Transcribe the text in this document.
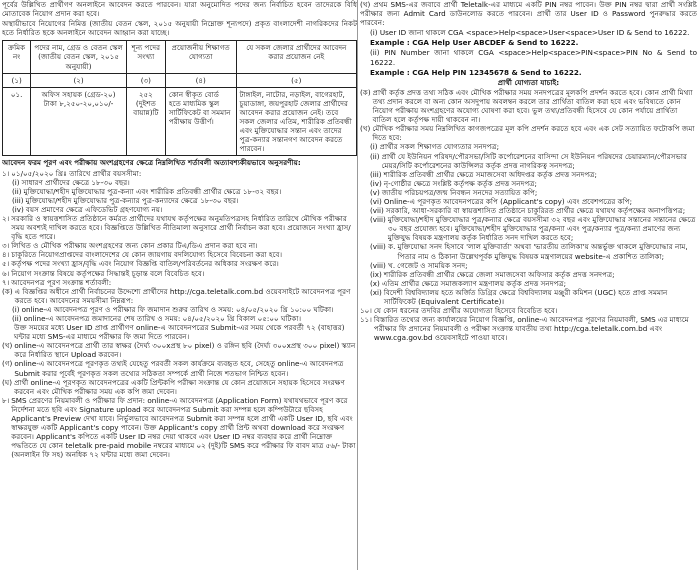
পূর্বের উল্লিখিত প্রার্থীগণ অনলাইনে আবেদন করতে পারবেন। যারা অনুমোদিত পদের জন্য নির্বাচিত হবেন তাদেরকে বিধি মোতাবেক নিয়োগ প্রদান করা হবে।

অস্থায়ীভাবে নিয়োগের নিমিত্ত (জাতীয় বেতন স্কেল, ২০১৫ অনুযায়ী নিম্নোক্ত শূন্যপদে) প্রকৃত বাংলাদেশী নাগরিকদের নিকট হতে নির্ধারিত ছকে অনলাইনে আবেদন আহ্বান করা যাচ্ছে।

ক্রমিক নং	পদের নাম, গ্রেড ও বেতন স্কেল (জাতীয় বেতন স্কেল, ২০১৫ অনুযায়ী)	শূন্য পদের সংখ্যা	প্রয়োজনীয় শিক্ষাগত যোগ্যতা	যে সকল জেলার প্রার্থীদের আবেদন করার প্রয়োজন নেই
(১)	(২)	(৩)	(৪)	(৫)
০১.	অফিস সহায়ক (গ্রেড-২০) টাকা ৮,২৫০-২০,০১০/-	২৫২ (দুইশত বায়ান্ন)টি	কোন স্বীকৃত বোর্ড হতে মাধ্যমিক স্কুল সার্টিফিকেট বা সমমান পরীক্ষায় উত্তীর্ণ।	টাঙ্গাইল, নাটোর, নড়াইল, বাগেরহাট, চুয়াডাঙ্গা, জয়পুরহাট জেলার প্রার্থীদের আবেদন করার প্রয়োজন নেই। তবে সকল জেলার এতিম, শারীরিক প্রতিবন্ধী এবং মুক্তিযোদ্ধার সন্তান এবং তাদের পুত্র-কন্যার সন্তানগণ আবেদন করতে পারবেন।

আবেদন ফরম পূরণ এবং পরীক্ষায় অংশগ্রহণের ক্ষেত্রে নিম্নলিখিত শর্তাবলী অত্যাবশ্যকীয়ভাবে অনুসরণীয়:

১। ০১/০৫/২০২০ খ্রিঃ তারিখে প্রার্থীর বয়সসীমা:
(i) সাধারণ প্রার্থীদের ক্ষেত্রে ১৮-৩০ বছর।
(ii) মুক্তিযোদ্ধা/শহীদ মুক্তিযোদ্ধার পুত্র-কন্যা এবং শারীরিক প্রতিবন্ধী প্রার্থীর ক্ষেত্রে ১৮-৩২ বছর।
(iii) মুক্তিযোদ্ধা/শহীদ মুক্তিযোদ্ধার পুত্র-কন্যার পুত্র-কন্যাদের ক্ষেত্রে ১৮-৩০ বছর।
(iv) বয়স প্রমাণের ক্ষেত্রে এফিডেভিট গ্রহণযোগ্য নয়।
২। সরকারি ও স্বায়ত্তশাসিত প্রতিষ্ঠানে কর্মরত প্রার্থীদের যথাযথ কর্তৃপক্ষের অনুমতিপত্রসহ নির্ধারিত তারিখে মৌখিক পরীক্ষার সময় অবশ্যই দাখিল করতে হবে। বিজ্ঞপ্তিতে উল্লিখিত নীতিমালা অনুসারে প্রার্থী নির্বাচন করা হবে। প্রয়োজনে সংখ্যা হ্রাস/বৃদ্ধি হতে পারে।
৩। লিখিত ও মৌখিক পরীক্ষায় অংশগ্রহণের জন্য কোন প্রকার টিএ/ডিএ প্রদান করা হবে না।
৪। চাকুরিতে নিয়োগপ্রাপ্তদের বাংলাদেশের যে কোন জায়গায় বদলিযোগ্য হিসেবে বিবেচনা করা হবে।
৫। কর্তৃপক্ষ পদের সংখ্যা হ্রাস/বৃদ্ধি এবং নিয়োগ বিজ্ঞপ্তি বাতিল/পরিবর্তনের অধিকার সংরক্ষণ করে।
৬। নিয়োগ সংক্রান্ত বিষয়ে কর্তৃপক্ষের সিদ্ধান্তই চূড়ান্ত বলে বিবেচিত হবে।
৭। আবেদনপত্র পূরণ সংক্রান্ত শর্তাবলী:
(ক) এ বিজ্ঞপ্তির অধীনে প্রার্থী নির্বাচনের উদ্দেশ্যে প্রার্থীদের http://cga.teletalk.com.bd ওয়েবসাইটে আবেদনপত্র পূরণ করতে হবে। আবেদনের সময়সীমা নিম্নরূপ:
(i) online-এ আবেদনপত্র পূরণ ও পরীক্ষার ফি জমাদান শুরুর তারিখ ও সময়: ০৪/০৫/২০২০ খ্রি ১০:০০ ঘটিকা।
(ii) online-এ আবেদনপত্র জমাদানের শেষ তারিখ ও সময়: ০৪/০৫/২০২০ খ্রি বিকাল ০৫:০০ ঘটিকা।
উক্ত সময়ের মধ্যে User ID প্রাপ্ত প্রার্থীগণ online-এ আবেদনপত্রের Submit-এর সময় থেকে পরবর্তী ৭২ (বাহাত্তর) ঘন্টার মধ্যে SMS-এর মাধ্যমে পরীক্ষার ফি জমা দিতে পারবেন।
(খ) online-এ আবেদনপত্রে প্রার্থী তার স্বাক্ষর (দৈর্ঘ্য ৩০০xপ্রস্থ ৮০ pixel) ও রঙ্গিন ছবি (দৈর্ঘ্য ৩০০xপ্রস্থ ৩০০ pixel) স্ক্যান করে নির্ধারিত স্থানে Upload করবেন।
(গ) online-এ আবেদনপত্রে পূরণকৃত তথ্যই যেহেতু পরবর্তী সকল কার্যক্রমে ব্যবহৃত হবে, সেহেতু online-এ আবেদনপত্র Submit করার পূর্বেই পূরণকৃত সকল তথ্যের সঠিকতা সম্পর্কে প্রার্থী নিজে শতভাগ নিশ্চিত হবেন।
(ঘ) প্রার্থী online-এ পূরণকৃত আবেদনপত্রের একটি প্রিন্টকপি পরীক্ষা সংক্রান্ত যে কোন প্রয়োজনে সহায়ক হিসেবে সংরক্ষণ করবেন এবং মৌখিক পরীক্ষার সময় এক কপি জমা দেবেন।
৮। SMS প্রেরণের নিয়মাবলী ও পরীক্ষার ফি প্রদান: online-এ আবেদনপত্র (Application Form) যথাযথভাবে পূরণ করে নির্দেশনা মতে ছবি এবং Signature upload করে আবেদনপত্র Submit করা সম্পন্ন হলে কম্পিউটারে ছবিসহ Applicant's Preview দেখা যাবে। নির্ভুলভাবে আবেদনপত্র Submit করা সম্পন্ন হলে প্রার্থী একটি User ID, ছবি এবং স্বাক্ষরযুক্ত একটি Applicant's copy পাবেন। উক্ত Applicant's copy প্রার্থী প্রিন্ট অথবা download করে সংরক্ষণ করবেন। Applicant's কপিতে একটি User ID নম্বর দেয়া থাকবে এবং User ID নম্বর ব্যবহার করে প্রার্থী নিম্নোক্ত পদ্ধতিতে যে কোন teletalk pre-paid mobile নম্বরের মাধ্যমে ০২ (দুই)টি SMS করে পরীক্ষার ফি বাবদ মাত্র ৫৬/- টাকা (অনলাইন ফি সহ) অনধিক ৭২ ঘন্টার মধ্যে জমা দেবেন।

(খ) প্রথম SMS-এর জবাবে প্রার্থী Teletalk-এর মাধ্যমে একটি PIN নম্বর পাবেন। উক্ত PIN নম্বর দ্বারা প্রার্থী সংশ্লিষ্ট পরীক্ষার জন্য Admit Card ডাউনলোড করতে পারবেন। প্রার্থী তার User ID ও Password পুনরুদ্ধার করতে পারবেন:

(i) User ID জানা থাকলে CGA <space>Help<space>User<space>User ID & Send to 16222.

Example : CGA Help User ABCDEF & Send to 16222.

(ii) PIN Number জানা থাকলে CGA <space>Help<space>PIN<space>PIN No & Send to 16222.

Example : CGA Help PIN 12345678 & Send to 16222.

প্রার্থী যোগ্যতা যাচাই:

(ক) প্রার্থী কর্তৃক প্রদত্ত তথ্য সঠিক এবং মৌখিক পরীক্ষার সময় সনদপত্রের মূলকপি প্রদর্শন করতে হবে। কোন প্রার্থী মিথ্যা তথ্য প্রদান করলে বা অন্য কোন অসদুপায় অবলম্বন করলে তার প্রার্থিতা বাতিল করা হবে এবং ভবিষ্যতে কোন নিয়োগ পরীক্ষায় অংশগ্রহণের অযোগ্য ঘোষণা করা হবে। ভুল তথ্য/প্রতিবন্ধী হিসেবে যে কোন পর্যায়ে প্রার্থিতা বাতিল হলে কর্তৃপক্ষ দায়ী থাকবেন না।
(খ) মৌখিক পরীক্ষার সময় নিম্নলিখিত কাগজপত্রের মূল কপি প্রদর্শন করতে হবে এবং এক সেট সত্যায়িত ফটোকপি জমা দিতে হবে:
(i) প্রার্থীর সকল শিক্ষাগত যোগ্যতার সনদপত্র;
(ii) প্রার্থী যে ইউনিয়ন পরিষদ/পৌরসভা/সিটি কর্পোরেশনের বাসিন্দা সে ইউনিয়ন পরিষদের চেয়ারম্যান/পৌরসভার মেয়র/সিটি কর্পোরেশনের কাউন্সিলর কর্তৃক প্রদত্ত নাগরিকত্ব সনদপত্র;
(iii) শারীরিক প্রতিবন্ধী প্রার্থীর ক্ষেত্রে সমাজসেবা অধিদপ্তর কর্তৃক প্রদত্ত সনদপত্র;
(iv) নৃ-গোষ্ঠীর ক্ষেত্রে সংশ্লিষ্ট কর্তৃপক্ষ কর্তৃক প্রদত্ত সনদপত্র;
(v) জাতীয় পরিচয়পত্র/জন্ম নিবন্ধন সনদের সত্যায়িত কপি;
(vi) Online-এ পূরণকৃত আবেদনপত্রের কপি (Applicant's copy) এবং প্রবেশপত্রের কপি;
(vii) সরকারি, আধা-সরকারি বা স্বায়ত্তশাসিত প্রতিষ্ঠানে চাকুরিরত প্রার্থীর ক্ষেত্রে যথাযথ কর্তৃপক্ষের অনাপত্তিপত্র;
(viii) মুক্তিযোদ্ধা/শহীদ মুক্তিযোদ্ধার পুত্র/কন্যার ক্ষেত্রে বয়সসীমা ৩২ বছর এবং মুক্তিযোদ্ধার সন্তানের সন্তানের ক্ষেত্রে ৩০ বছর প্রযোজ্য হবে। মুক্তিযোদ্ধা/শহীদ মুক্তিযোদ্ধার পুত্র/কন্যা এবং পুত্র/কন্যার পুত্র/কন্যা প্রমাণের জন্য মুক্তিযুদ্ধ বিষয়ক মন্ত্রণালয় কর্তৃক নির্ধারিত সনদ দাখিল করতে হবে;
(viii) ক. মুক্তিযোদ্ধা সনদ হিসাবে 'লাল মুক্তিবার্তা' অথবা 'ভারতীয় তালিকা'য় অন্তর্ভুক্ত থাকলে মুক্তিযোদ্ধার নাম, পিতার নাম ও ঠিকানা উল্লেখপূর্বক মুক্তিযুদ্ধ বিষয়ক মন্ত্রণালয়ের website-এ প্রকাশিত তালিকা;
(viii) খ. গেজেট ও সাময়িক সনদ;
(ix) শারীরিক প্রতিবন্ধী প্রার্থীর ক্ষেত্রে জেলা সমাজসেবা অফিসার কর্তৃক প্রদত্ত সনদপত্র;
(x) এতিম প্রার্থীর ক্ষেত্রে সমাজকল্যাণ মন্ত্রণালয় কর্তৃক প্রদত্ত সনদপত্র;
(xi) বিদেশী বিশ্ববিদ্যালয় হতে অর্জিত ডিগ্রির ক্ষেত্রে বিশ্ববিদ্যালয় মঞ্জুরী কমিশন (UGC) হতে প্রাপ্ত সমমান সার্টিফিকেট (Equivalent Certificate)।
১০। যে কোন ধরনের তদবির প্রার্থীর অযোগ্যতা হিসেবে বিবেচিত হবে।
১১। বিস্তারিত তথ্যের জন্য কার্যালয়ের নিয়োগ বিজ্ঞপ্তি, online-এ আবেদনপত্র পূরণের নিয়মাবলী, SMS এর মাধ্যমে পরীক্ষার ফি প্রদানের নিয়মাবলী ও পরীক্ষা সংক্রান্ত যাবতীয় তথ্য http://cga.teletalk.com.bd এবং www.cga.gov.bd ওয়েবসাইটে পাওয়া যাবে।
